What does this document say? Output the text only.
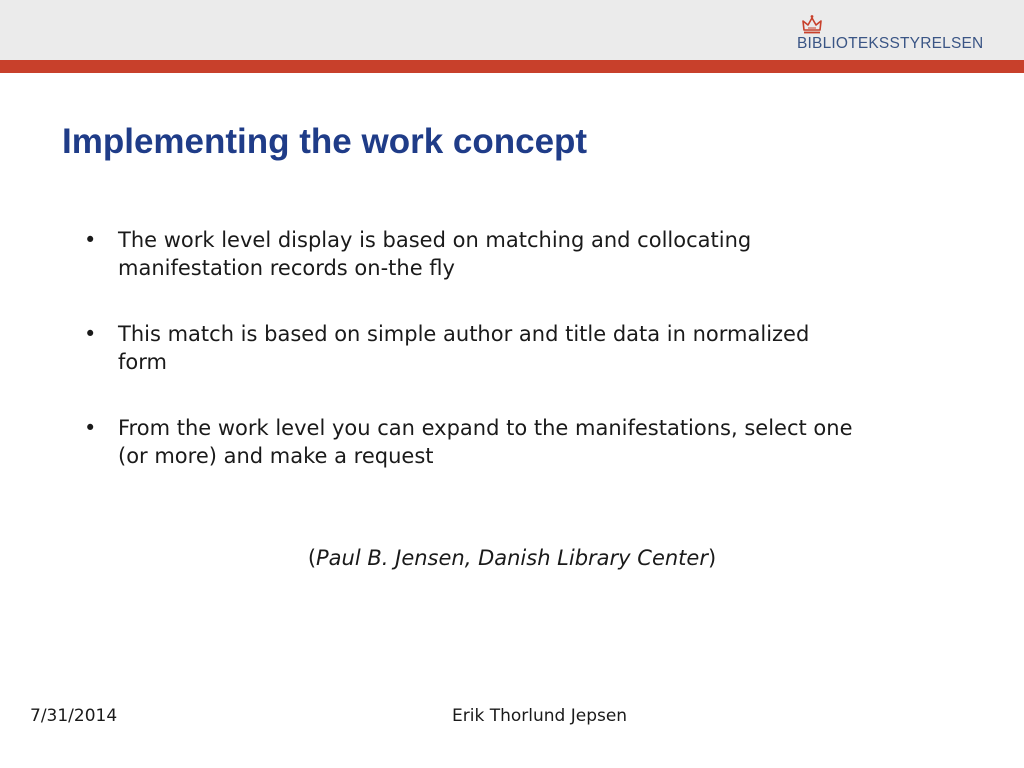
BIBLIOTEKSSTYRELSEN
Implementing the work concept
• The work level display is based on matching and collocating manifestation records on-the fly
• This match is based on simple author and title data in normalized form
• From the work level you can expand to the manifestations, select one (or more) and make a request
(Paul B. Jensen, Danish Library Center)
7/31/2014	Erik Thorlund Jepsen
